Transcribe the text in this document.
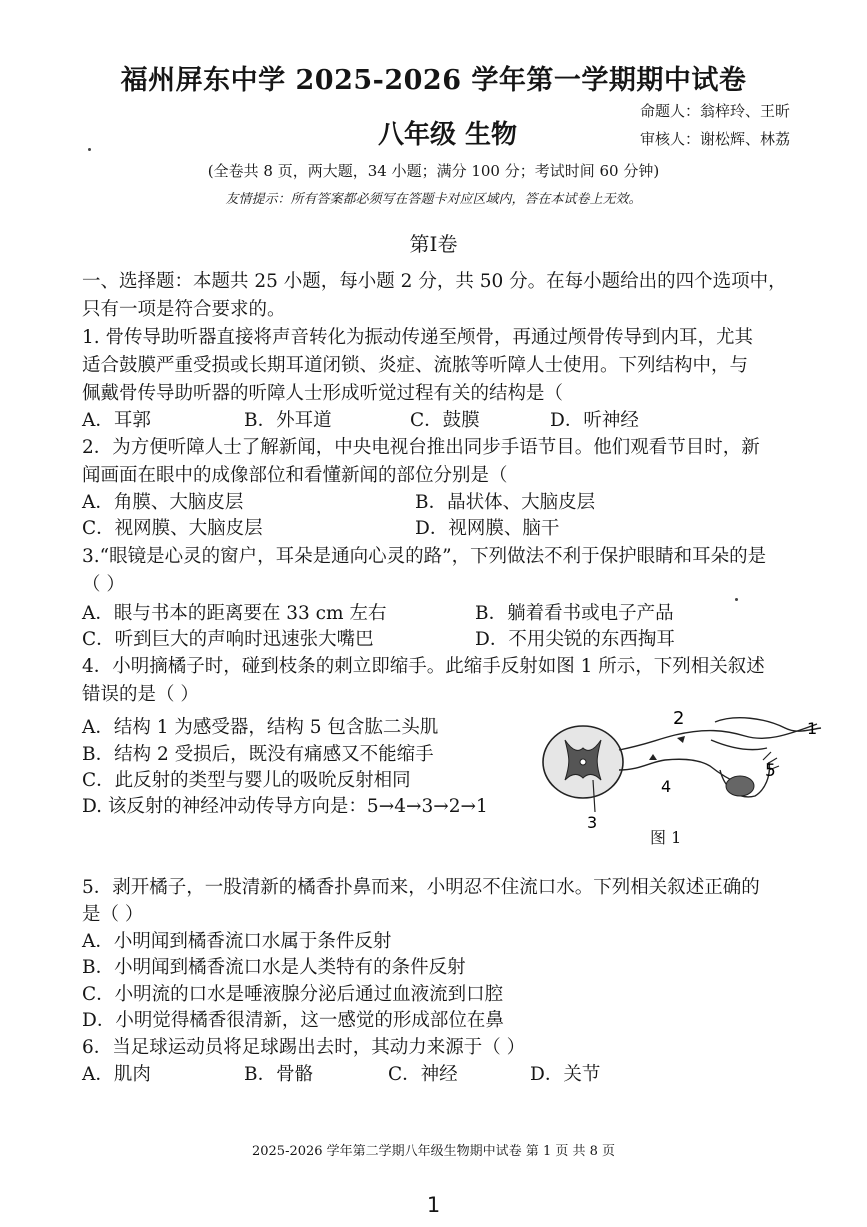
福州屏东中学 2025-2026 学年第一学期期中试卷
八年级 生物
命题人：翁梓玲、王昕
审核人：谢松辉、林荔
(全卷共 8 页，两大题，34 小题；满分 100 分；考试时间 60 分钟)
友情提示：所有答案都必须写在答题卡对应区域内，答在本试卷上无效。
第I卷
一、选择题：本题共 25 小题，每小题 2 分，共 50 分。在每小题给出的四个选项中，
只有一项是符合要求的。
1. 骨传导助听器直接将声音转化为振动传递至颅骨，再通过颅骨传导到内耳，尤其
适合鼓膜严重受损或长期耳道闭锁、炎症、流脓等听障人士使用。下列结构中，与
佩戴骨传导助听器的听障人士形成听觉过程有关的结构是（
A．耳郭	B．外耳道	C．鼓膜	D．听神经
2．为方便听障人士了解新闻，中央电视台推出同步手语节目。他们观看节目时，新
闻画面在眼中的成像部位和看懂新闻的部位分别是（
A．角膜、大脑皮层	B．晶状体、大脑皮层
C．视网膜、大脑皮层	D．视网膜、脑干
3.“眼镜是心灵的窗户，耳朵是通向心灵的路”，下列做法不利于保护眼睛和耳朵的是
（ ）
A．眼与书本的距离要在 33 cm 左右	B．躺着看书或电子产品
C．听到巨大的声响时迅速张大嘴巴	D．不用尖锐的东西掏耳
4．小明摘橘子时，碰到枝条的刺立即缩手。此缩手反射如图 1 所示，下列相关叙述
错误的是（ ）
A．结构 1 为感受器，结构 5 包含肱二头肌
B．结构 2 受损后，既没有痛感又不能缩手
C．此反射的类型与婴儿的吸吮反射相同
D. 该反射的神经冲动传导方向是：5→4→3→2→1
2	1
4
5
3
图 1
5．剥开橘子，一股清新的橘香扑鼻而来，小明忍不住流口水。下列相关叙述正确的
是（ ）
A．小明闻到橘香流口水属于条件反射
B．小明闻到橘香流口水是人类特有的条件反射
C．小明流的口水是唾液腺分泌后通过血液流到口腔
D．小明觉得橘香很清新，这一感觉的形成部位在鼻
6．当足球运动员将足球踢出去时，其动力来源于（ ）
A．肌肉	B．骨骼	C．神经	D．关节
2025-2026 学年第二学期八年级生物期中试卷 第 1 页 共 8 页
1
